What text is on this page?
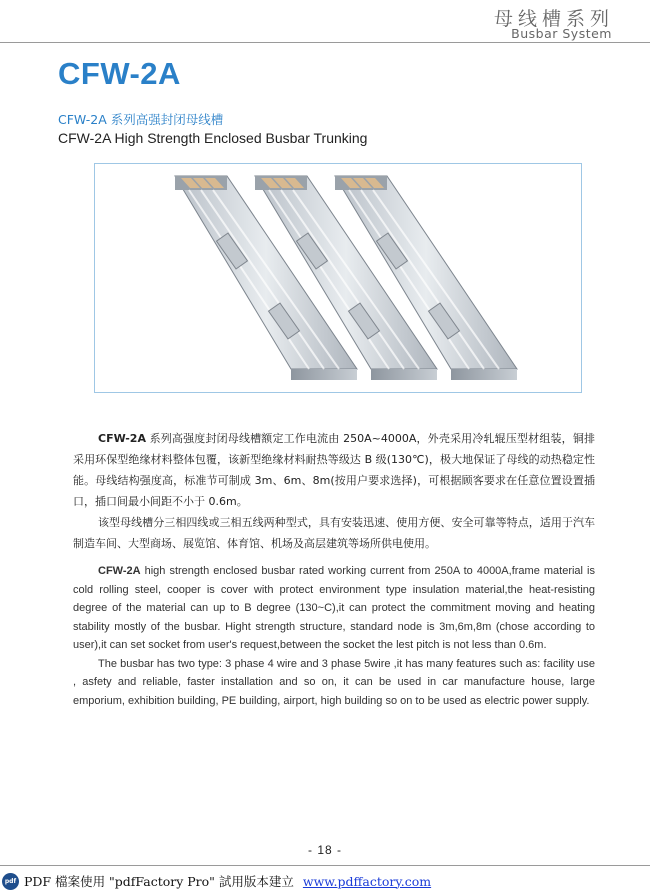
母线槽系列
Busbar System
CFW-2A
CFW-2A 系列高强封闭母线槽
CFW-2A High Strength Enclosed Busbar Trunking

CFW-2A 系列高强度封闭母线槽额定工作电流由 250A~4000A，外壳采用冷轧辊压型材组装，铜排采用环保型绝缘材料整体包覆，该新型绝缘材料耐热等级达 B 级(130℃)，极大地保证了母线的动热稳定性能。母线结构强度高，标准节可制成 3m、6m、8m(按用户要求选择)，可根据顾客要求在任意位置设置插口，插口间最小间距不小于 0.6m。

该型母线槽分三相四线或三相五线两种型式，具有安装迅速、使用方便、安全可靠等特点，适用于汽车制造车间、大型商场、展览馆、体育馆、机场及高层建筑等场所供电使用。

CFW-2A high strength enclosed busbar rated working current from 250A to 4000A,frame material is cold rolling steel, cooper is cover with protect environment type insulation material,the heat-resisting degree of the material can up to B degree (130~C),it can protect the commitment moving and heating stability mostly of the busbar. Hight strength structure, standard node is 3m,6m,8m (chose according to user),it can set socket from user's request,between the socket the lest pitch is not less than 0.6m.

The busbar has two type: 3 phase 4 wire and 3 phase 5wire ,it has many features such as: facility use , asfety and reliable, faster installation and so on, it can be used in car manufacture house, large emporium, exhibition building, PE building, airport, high building so on to be used as electric power supply.

- 18 -
pdf PDF 檔案使用 "pdfFactory Pro" 試用版本建立 www.pdffactory.com
